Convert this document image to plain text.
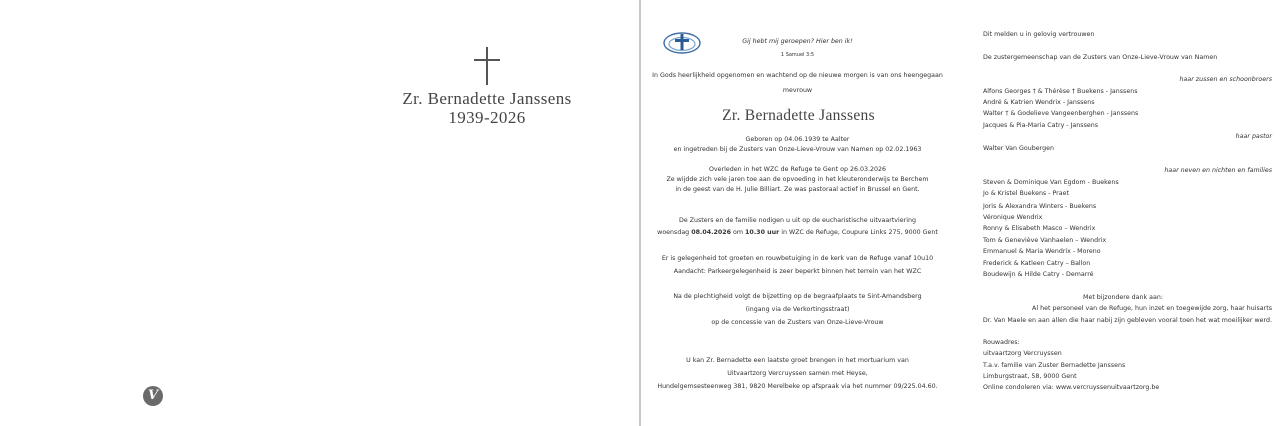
Zr. Bernadette Janssens
1939-2026
V
Gij hebt mij geroepen? Hier ben ik!
1 Samuel 3:5
In Gods heerlijkheid opgenomen en wachtend op de nieuwe morgen is van ons heengegaan
mevrouw
Zr. Bernadette Janssens
Geboren op 04.06.1939 te Aalter
en ingetreden bij de Zusters van Onze-Lieve-Vrouw van Namen op 02.02.1963
Overleden in het WZC de Refuge te Gent op 26.03.2026
Ze wijdde zich vele jaren toe aan de opvoeding in het kleuteronderwijs te Berchem
in de geest van de H. Julie Billiart. Ze was pastoraal actief in Brussel en Gent.
De Zusters en de familie nodigen u uit op de eucharistische uitvaartviering
woensdag 08.04.2026 om 10.30 uur in WZC de Refuge, Coupure Links 275, 9000 Gent
Er is gelegenheid tot groeten en rouwbetuiging in de kerk van de Refuge vanaf 10u10
Aandacht: Parkeergelegenheid is zeer beperkt binnen het terrein van het WZC
Na de plechtigheid volgt de bijzetting op de begraafplaats te Sint-Amandsberg
(ingang via de Verkortingsstraat)
op de concessie van de Zusters van Onze-Lieve-Vrouw
U kan Zr. Bernadette een laatste groet brengen in het mortuarium van
Uitvaartzorg Vercruyssen samen met Heyse,
Hundelgemsesteenweg 381, 9820 Merelbeke op afspraak via het nummer 09/225.04.60.
Dit melden u in gelovig vertrouwen
De zustergemeenschap van de Zusters van Onze-Lieve-Vrouw van Namen
haar zussen en schoonbroers
Alfons Georges † & Thérèse † Buekens - Janssens
André & Katrien Wendrix - Janssens
Walter † & Godelieve Vangeenberghen - Janssens
Jacques & Pia-Maria Catry - Janssens
haar pastor
Walter Van Goubergen
haar neven en nichten en families
Steven & Dominique Van Egdom - Buekens
Jo & Kristel Buekens - Praet
Joris & Alexandra Winters - Buekens
Véronique Wendrix
Ronny & Elisabeth Masco – Wendrix
Tom & Geneviève Vanhaelen – Wendrix
Emmanuel & Maria Wendrix - Moreno
Frederick & Katleen Catry – Ballon
Boudewijn & Hilde Catry - Demarré
Met bijzondere dank aan:
Al het personeel van de Refuge, hun inzet en toegewijde zorg, haar huisarts
Dr. Van Maele en aan allen die haar nabij zijn gebleven vooral toen het wat moeilijker werd.
Rouwadres:
uitvaartzorg Vercruyssen
T.a.v. familie van Zuster Bernadette Janssens
Limburgstraat, 58, 9000 Gent
Online condoleren via: www.vercruyssenuitvaartzorg.be
